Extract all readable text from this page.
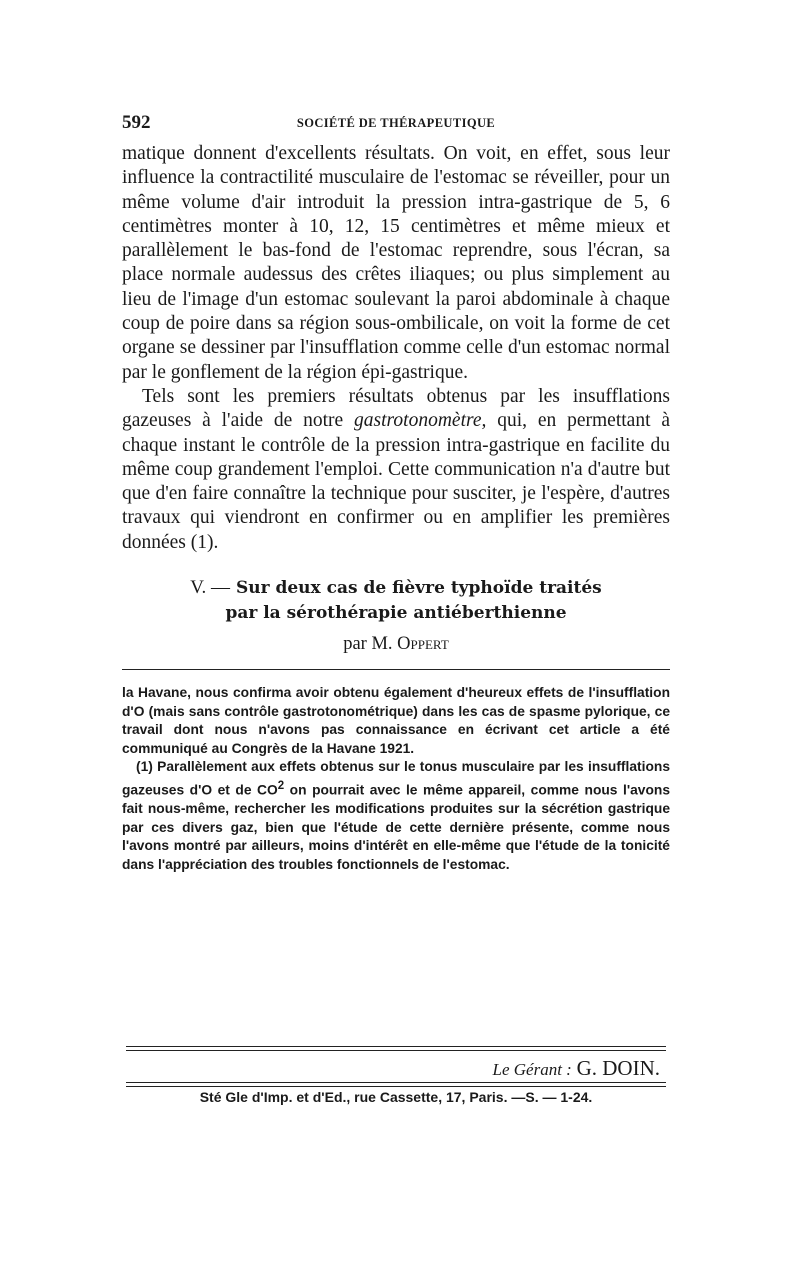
592	SOCIÉTÉ DE THÉRAPEUTIQUE

matique donnent d'excellents résultats. On voit, en effet, sous leur influence la contractilité musculaire de l'estomac se réveiller, pour un même volume d'air introduit la pression intra-gastrique de 5, 6 centimètres monter à 10, 12, 15 centimètres et même mieux et parallèlement le bas-fond de l'estomac reprendre, sous l'écran, sa place normale audessus des crêtes iliaques; ou plus simplement au lieu de l'image d'un estomac soulevant la paroi abdominale à chaque coup de poire dans sa région sous-ombilicale, on voit la forme de cet organe se dessiner par l'insufflation comme celle d'un estomac normal par le gonflement de la région épi-gastrique.

Tels sont les premiers résultats obtenus par les insufflations gazeuses à l'aide de notre gastrotonomètre, qui, en permettant à chaque instant le contrôle de la pression intra-gastrique en facilite du même coup grandement l'emploi. Cette communication n'a d'autre but que d'en faire connaître la technique pour susciter, je l'espère, d'autres travaux qui viendront en confirmer ou en amplifier les premières données (1).

V. — Sur deux cas de fièvre typhoïde traités
par la sérothérapie antiéberthienne
par M. Oppert

la Havane, nous confirma avoir obtenu également d'heureux effets de l'insufflation d'O (mais sans contrôle gastrotonométrique) dans les cas de spasme pylorique, ce travail dont nous n'avons pas connaissance en écrivant cet article a été communiqué au Congrès de la Havane 1921.

(1) Parallèlement aux effets obtenus sur le tonus musculaire par les insufflations gazeuses d'O et de $CO^2$ on pourrait avec le même appareil, comme nous l'avons fait nous-même, rechercher les modifications produites sur la sécrétion gastrique par ces divers gaz, bien que l'étude de cette dernière présente, comme nous l'avons montré par ailleurs, moins d'intérêt en elle-même que l'étude de la tonicité dans l'appréciation des troubles fonctionnels de l'estomac.

Le Gérant : G. DOIN.
Sté Gle d'Imp. et d'Ed., rue Cassette, 17, Paris. —S. — 1-24.
